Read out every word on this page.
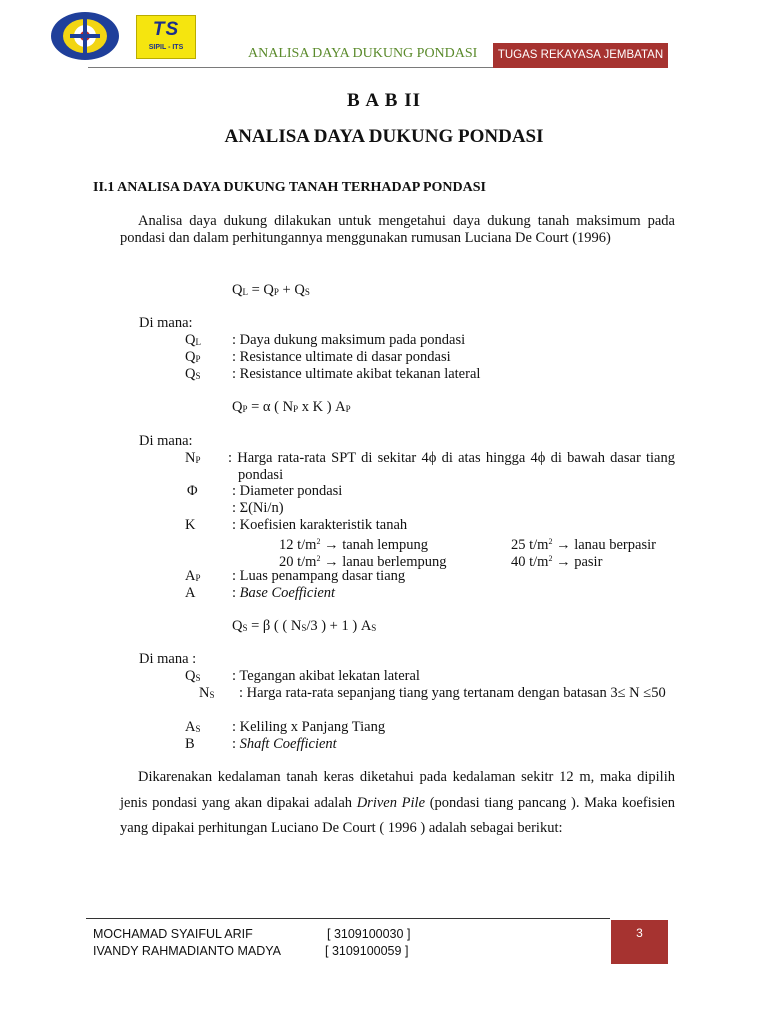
TS
SIPIL - ITS	ANALISA DAYA DUKUNG PONDASI	TUGAS REKAYASA JEMBATAN
B A B II
ANALISA DAYA DUKUNG PONDASI
II.1 ANALISA DAYA DUKUNG TANAH TERHADAP PONDASI
Analisa daya dukung dilakukan untuk mengetahui daya dukung tanah maksimum pada pondasi dan dalam perhitungannya menggunakan rumusan Luciana De Court (1996)
$Q_L = Q_P + Q_S$
Di mana:
$Q_L$ : Daya dukung maksimum pada pondasi
$Q_P$ : Resistance ultimate di dasar pondasi
$Q_S$ : Resistance ultimate akibat tekanan lateral
$Q_P = \alpha$ ( $N_P$ x K ) $A_P$
Di mana:
$N_P$ : Harga rata-rata SPT di sekitar 4ϕ di atas hingga 4ϕ di bawah dasar tiang pondasi
Φ : Diameter pondasi
: Σ(Ni/n)
K	: Koefisien karakteristik tanah
12 $t/m^2$ → tanah lempung	25 $t/m^2$ → lanau berpasir
20 $t/m^2$ → lanau berlempung	40 $t/m^2$ → pasir
$A_P$ : Luas penampang dasar tiang
A	: Base Coefficient
$Q_S = \beta$ ( ( $N_S/3$ ) + 1 ) $A_S$
Di mana :
$Q_S$ : Tegangan akibat lekatan lateral
$N_S$ : Harga rata-rata sepanjang tiang yang tertanam dengan batasan 3≤ N ≤50
$A_S$ : Keliling x Panjang Tiang
B	: Shaft Coefficient
Dikarenakan kedalaman tanah keras diketahui pada kedalaman sekitr 12 m, maka dipilih jenis pondasi yang akan dipakai adalah Driven Pile (pondasi tiang pancang ). Maka koefisien yang dipakai perhitungan Luciano De Court ( 1996 ) adalah sebagai berikut:
MOCHAMAD SYAIFUL ARIF	[ 3109100030 ]
IVANDY RAHMADIANTO MADYA	[ 3109100059 ]
3
